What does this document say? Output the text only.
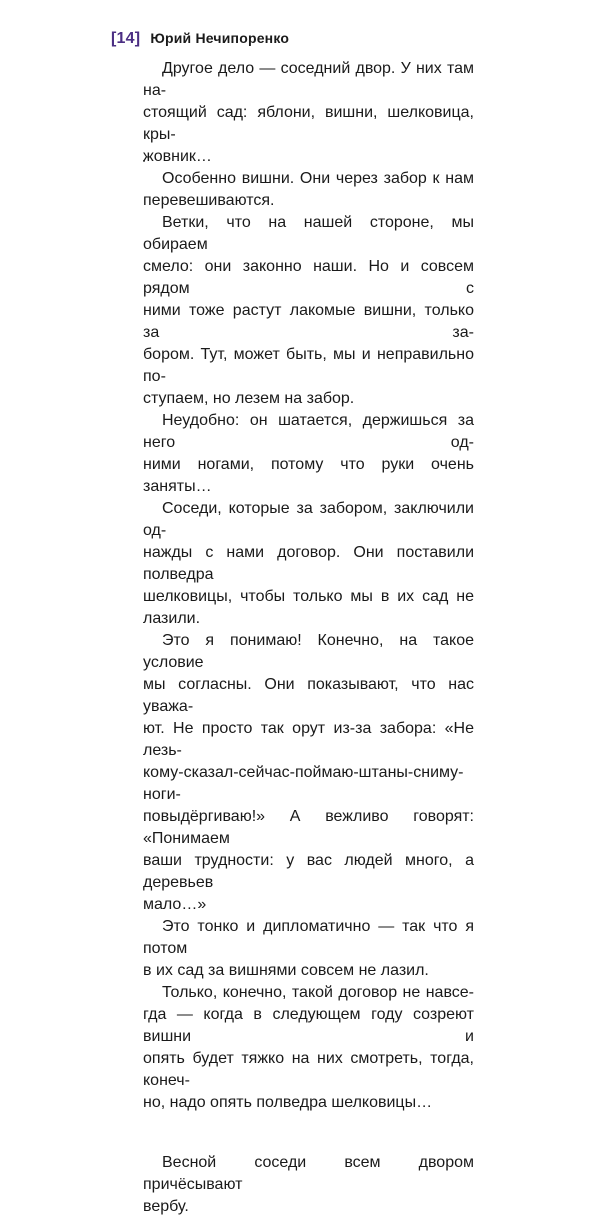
[14] Юрий Нечипоренко
Другое дело — соседний двор. У них там на-
стоящий сад: яблони, вишни, шелковица, кры-
жовник…
Особенно вишни. Они через забор к нам
перевешиваются.
Ветки, что на нашей стороне, мы обираем
смело: они законно наши. Но и совсем рядом с
ними тоже растут лакомые вишни, только за за-
бором. Тут, может быть, мы и неправильно по-
ступаем, но лезем на забор.
Неудобно: он шатается, держишься за него од-
ними ногами, потому что руки очень заняты…
Соседи, которые за забором, заключили од-
нажды с нами договор. Они поставили полведра
шелковицы, чтобы только мы в их сад не лазили.
Это я понимаю! Конечно, на такое условие
мы согласны. Они показывают, что нас уважа-
ют. Не просто так орут из-за забора: «Не лезь-
кому-сказал-сейчас-поймаю-штаны-сниму-ноги-
повыдёргиваю!» А вежливо говорят: «Понимаем
ваши трудности: у вас людей много, а деревьев
мало…»
Это тонко и дипломатично — так что я потом
в их сад за вишнями совсем не лазил.
Только, конечно, такой договор не навсе-
гда — когда в следующем году созреют вишни и
опять будет тяжко на них смотреть, тогда, конеч-
но, надо опять полведра шелковицы…
Весной соседи всем двором причёсывают
вербу.
